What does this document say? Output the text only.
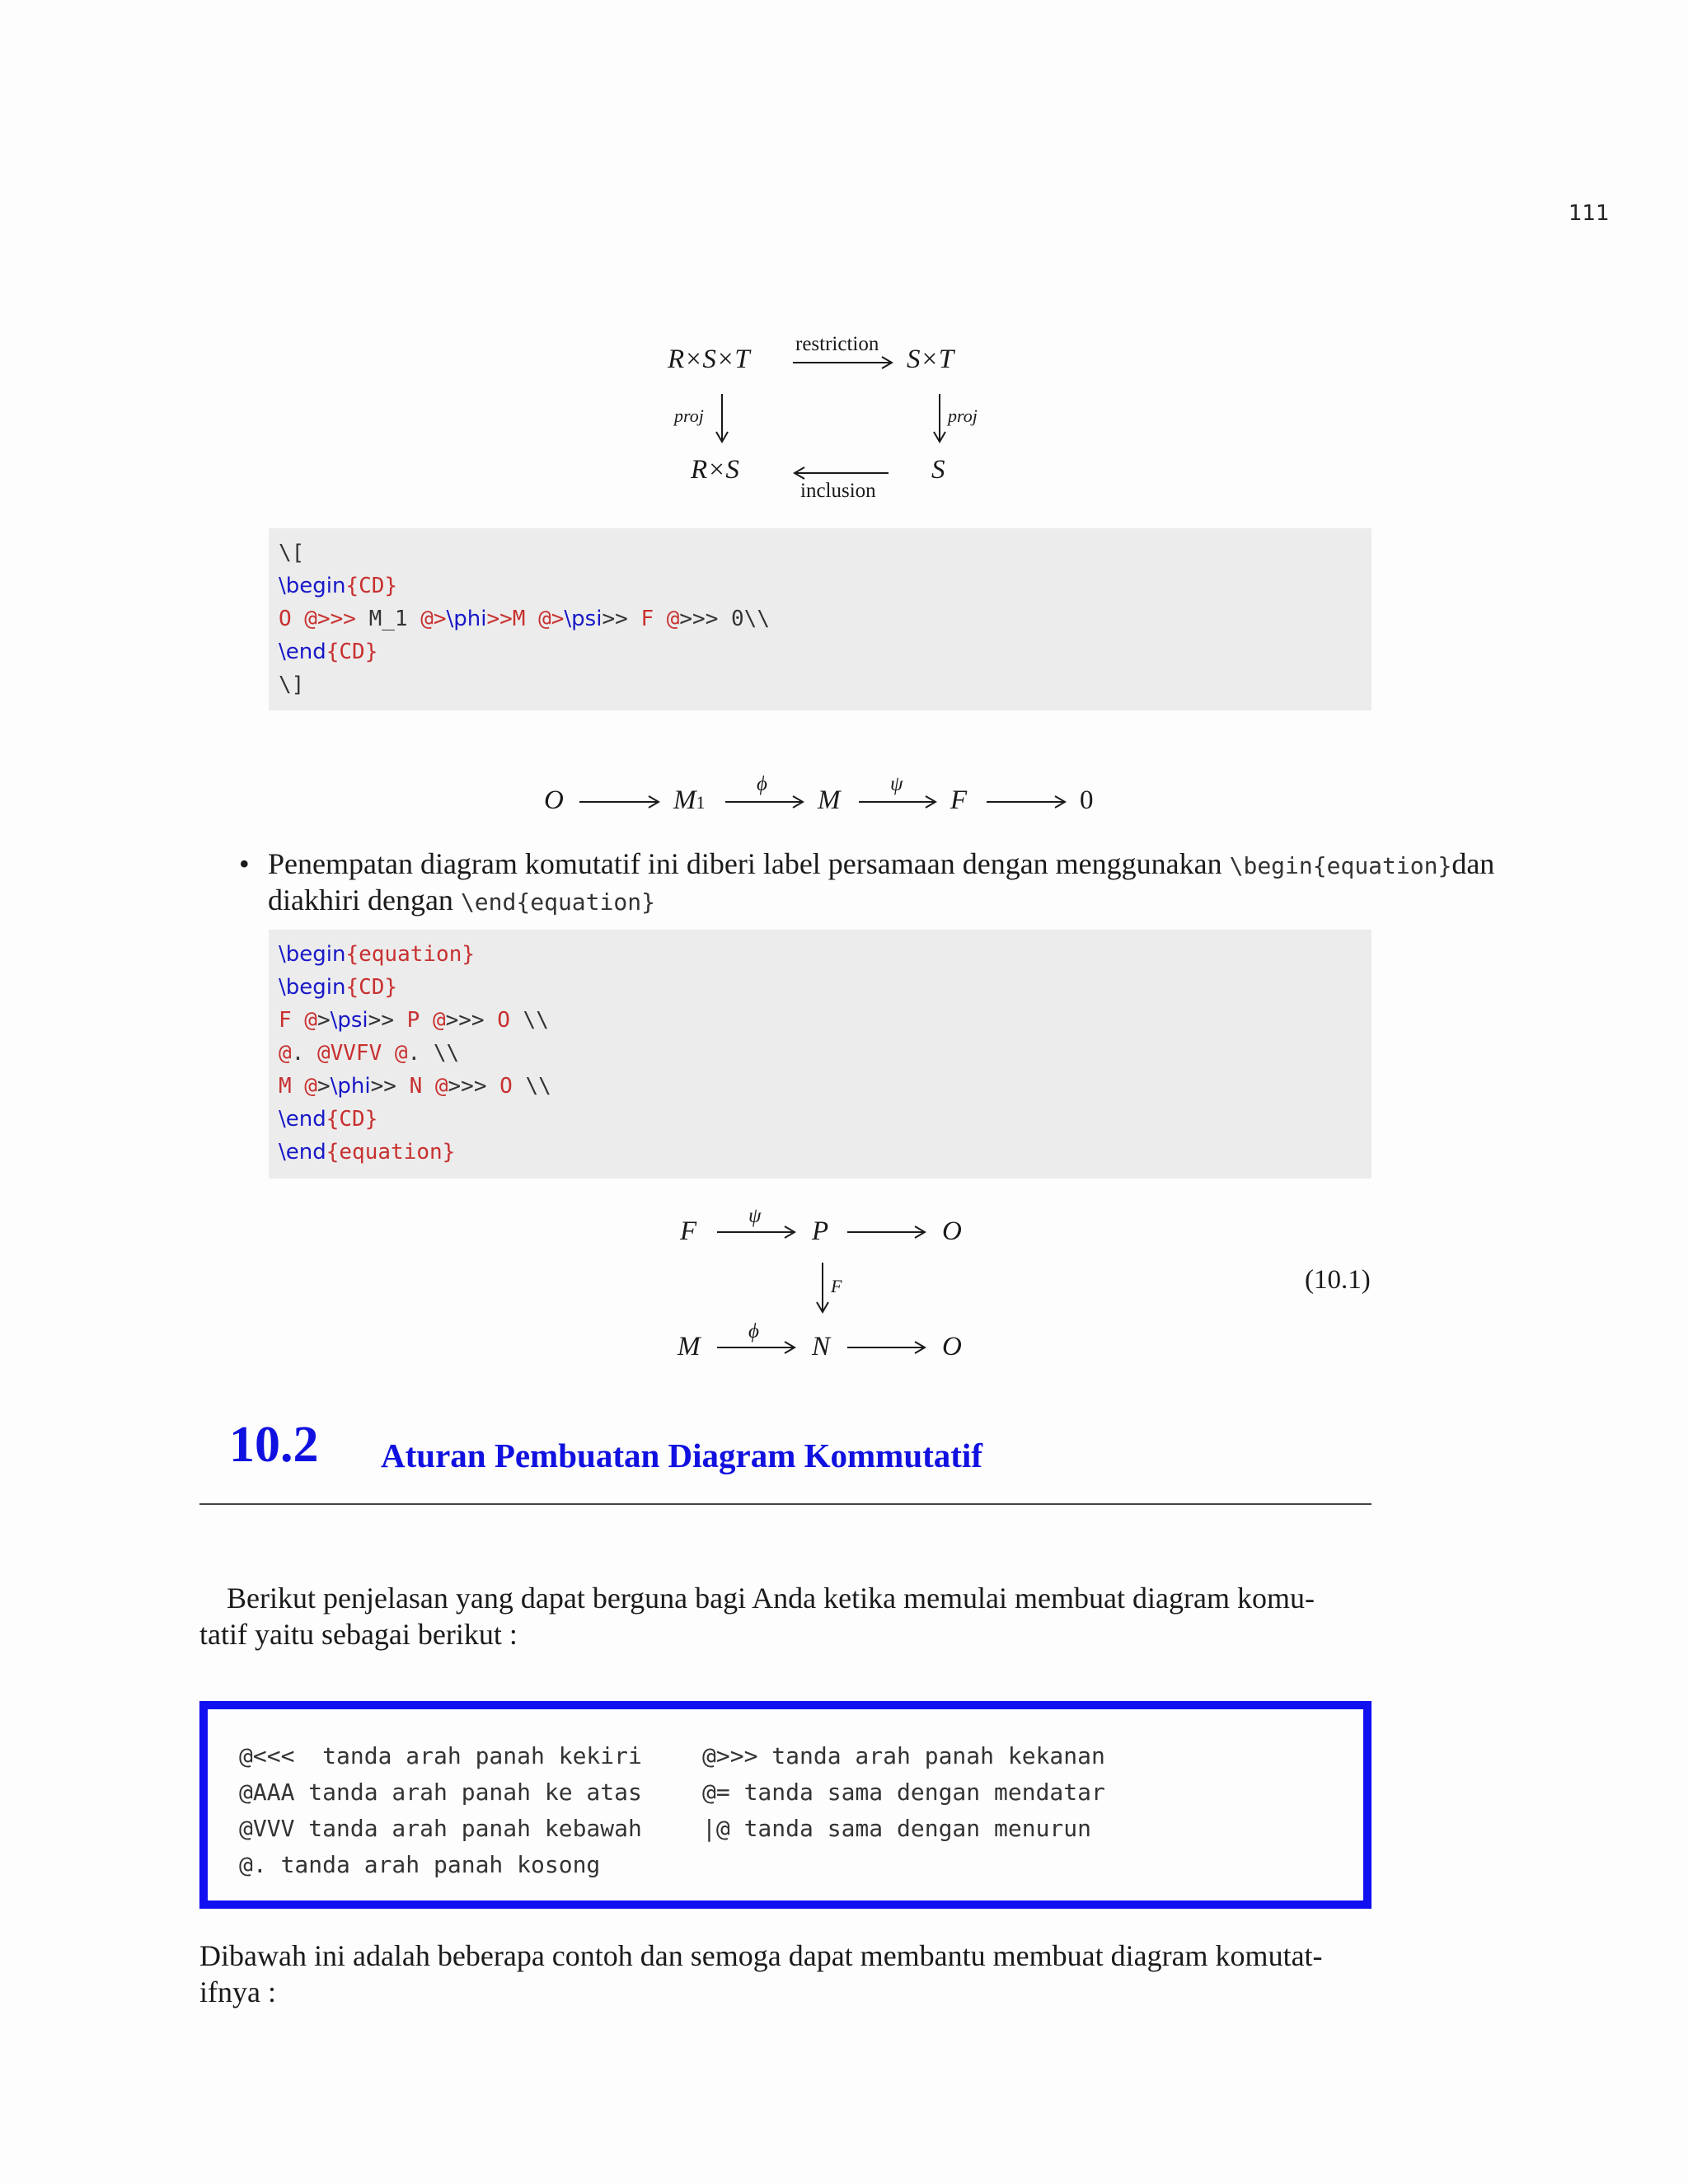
111
R×S×T
restriction
S×T
proj	proj
R×S
inclusion
S
\[
\begin{CD}
O @>>> M_1 @>\phi>>M @>\psi>> F @>>> 0\\
\end{CD}
\]
O	M1
ϕ
M
ψ
F	0
• Penempatan diagram komutatif ini diberi label persamaan dengan menggunakan \begin{equation}dan
diakhiri dengan \end{equation}
\begin{equation}
\begin{CD}
F @>\psi>> P @>>> O \\
@. @VVFV @. \\
M @>\phi>> N @>>> O \\
\end{CD}
\end{equation}
F
ψ
P	O
F	(10.1)
M
ϕ
N	O
10.2 Aturan Pembuatan Diagram Kommutatif
Berikut penjelasan yang dapat berguna bagi Anda ketika memulai membuat diagram komu-
tatif yaitu sebagai berikut :
@<<<  tanda arah panah kekiri
@AAA tanda arah panah ke atas
@VVV tanda arah panah kebawah
@. tanda arah panah kosong
@>>> tanda arah panah kekanan
@= tanda sama dengan mendatar
|@ tanda sama dengan menurun
Dibawah ini adalah beberapa contoh dan semoga dapat membantu membuat diagram komutat-
ifnya :
